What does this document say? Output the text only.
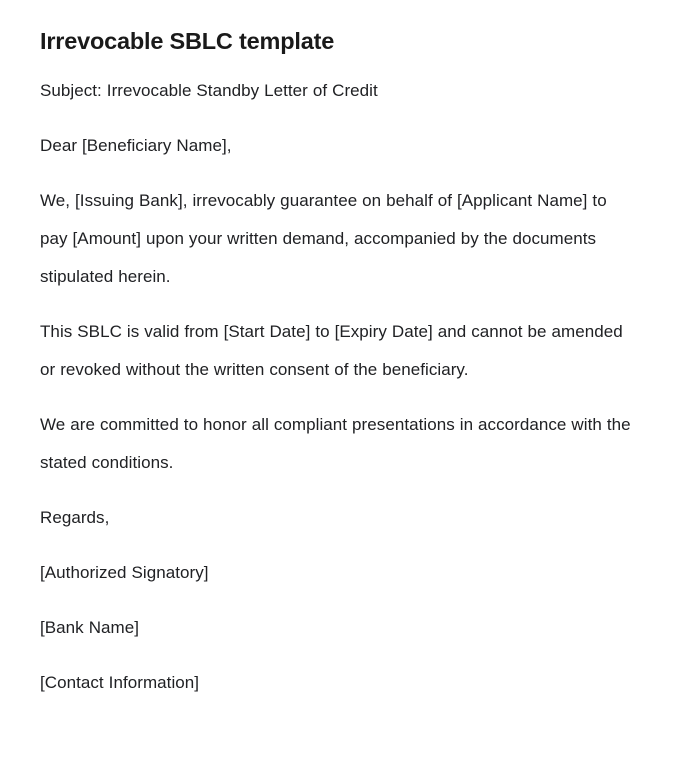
Irrevocable SBLC template

Subject: Irrevocable Standby Letter of Credit

Dear [Beneficiary Name],

We, [Issuing Bank], irrevocably guarantee on behalf of [Applicant Name] to pay [Amount] upon your written demand, accompanied by the documents stipulated herein.

This SBLC is valid from [Start Date] to [Expiry Date] and cannot be amended or revoked without the written consent of the beneficiary.

We are committed to honor all compliant presentations in accordance with the stated conditions.

Regards,

[Authorized Signatory]

[Bank Name]

[Contact Information]
